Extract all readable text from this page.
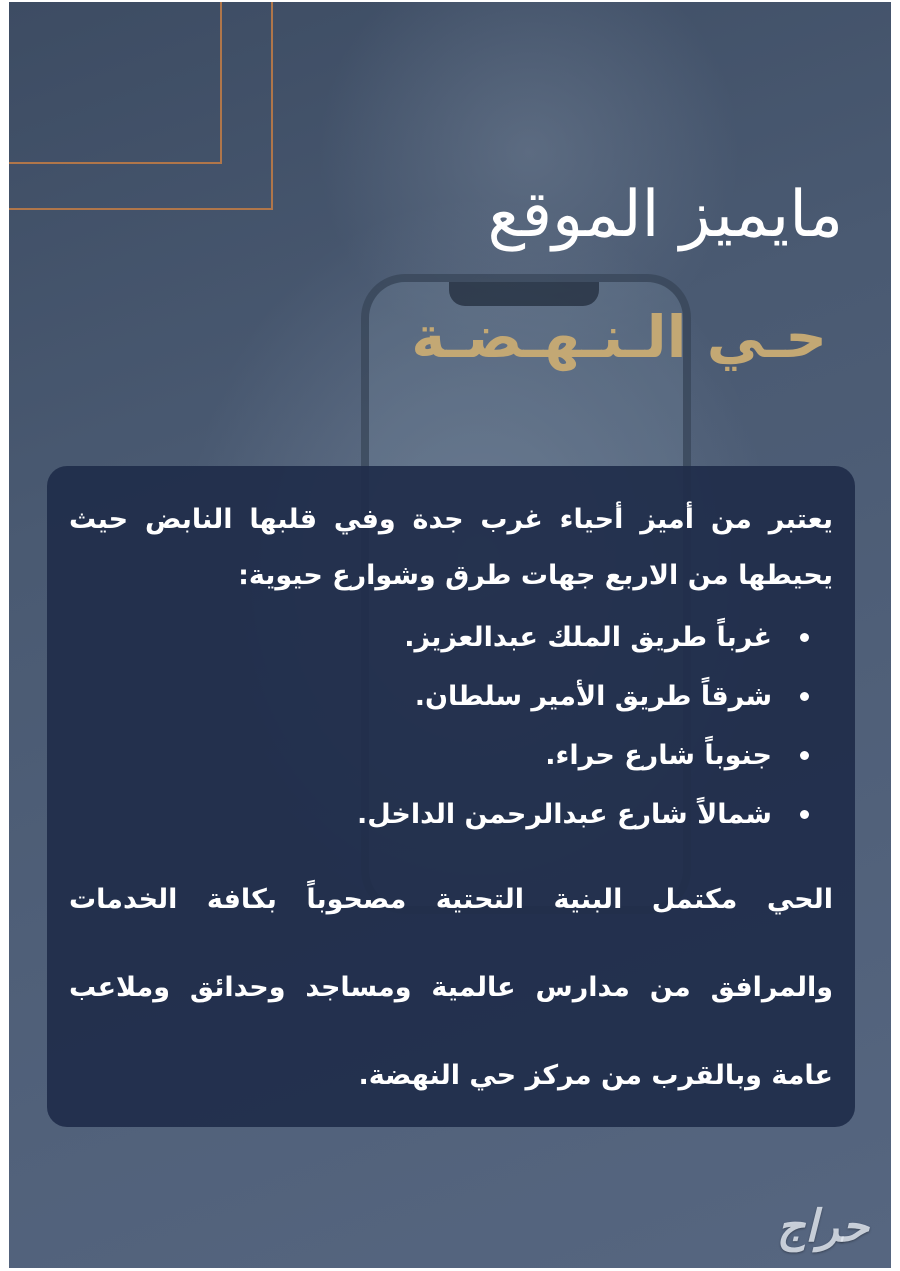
مايميز الموقع
حـي الـنـهـضـة

يعتبر من أميز أحياء غرب جدة وفي قلبها النابض حيث يحيطها من الاربع جهات طرق وشوارع حيوية:

غرباً طريق الملك عبدالعزيز.
شرقاً طريق الأمير سلطان.
جنوباً شارع حراء.
شمالاً شارع عبدالرحمن الداخل.

الحي مكتمل البنية التحتية مصحوباً بكافة الخدمات والمرافق من مدارس عالمية ومساجد وحدائق وملاعب عامة وبالقرب من مركز حي النهضة.

حراج
